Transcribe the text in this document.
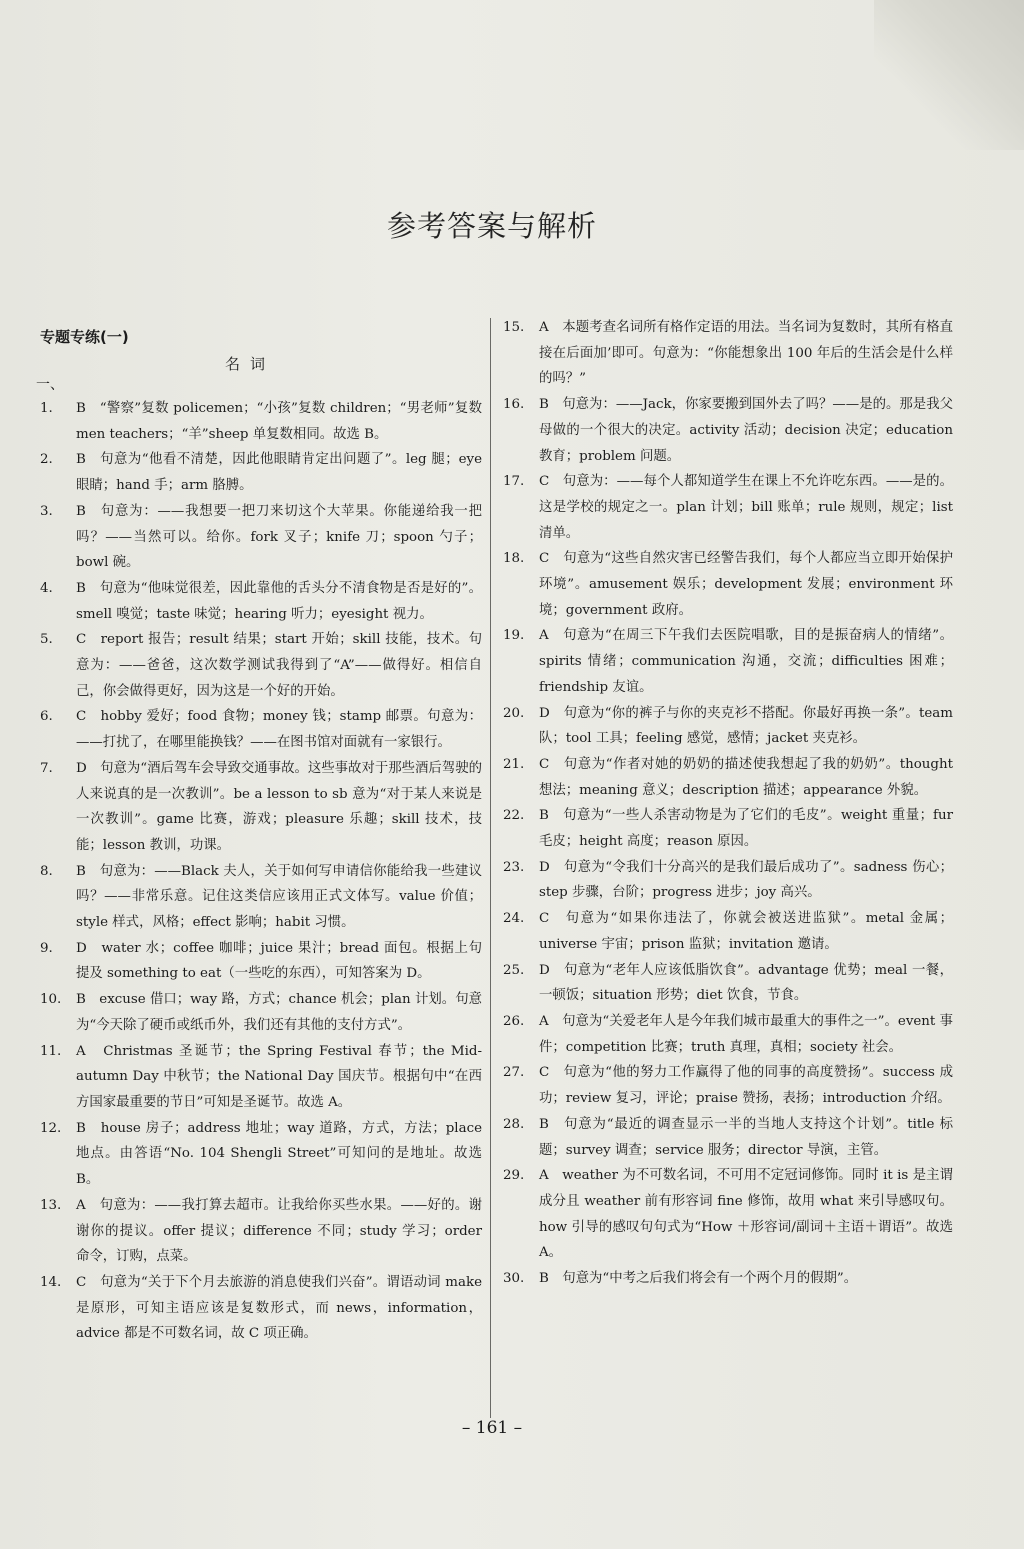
参考答案与解析
专题专练(一)
名词
一、
1. B　“警察”复数 policemen；“小孩”复数 children；“男老师”复数 men teachers；“羊”sheep 单复数相同。故选 B。
2. B　句意为“他看不清楚，因此他眼睛肯定出问题了”。leg 腿；eye 眼睛；hand 手；arm 胳膊。
3. B　句意为：——我想要一把刀来切这个大苹果。你能递给我一把吗？——当然可以。给你。fork 叉子；knife 刀；spoon 勺子；bowl 碗。
4. B　句意为“他味觉很差，因此靠他的舌头分不清食物是否是好的”。smell 嗅觉；taste 味觉；hearing 听力；eyesight 视力。
5. C　report 报告；result 结果；start 开始；skill 技能，技术。句意为：——爸爸，这次数学测试我得到了“A”——做得好。相信自己，你会做得更好，因为这是一个好的开始。
6. C　hobby 爱好；food 食物；money 钱；stamp 邮票。句意为：——打扰了，在哪里能换钱？——在图书馆对面就有一家银行。
7. D　句意为“酒后驾车会导致交通事故。这些事故对于那些酒后驾驶的人来说真的是一次教训”。be a lesson to sb 意为“对于某人来说是一次教训”。game 比赛，游戏；pleasure 乐趣；skill 技术，技能；lesson 教训，功课。
8. B　句意为：——Black 夫人，关于如何写申请信你能给我一些建议吗？——非常乐意。记住这类信应该用正式文体写。value 价值；style 样式，风格；effect 影响；habit 习惯。
9. D　water 水；coffee 咖啡；juice 果汁；bread 面包。根据上句提及 something to eat（一些吃的东西），可知答案为 D。
10. B　excuse 借口；way 路，方式；chance 机会；plan 计划。句意为“今天除了硬币或纸币外，我们还有其他的支付方式”。
11. A　Christmas 圣诞节；the Spring Festival 春节；the Mid-autumn Day 中秋节；the National Day 国庆节。根据句中“在西方国家最重要的节日”可知是圣诞节。故选 A。
12. B　house 房子；address 地址；way 道路，方式，方法；place 地点。由答语“No. 104 Shengli Street”可知问的是地址。故选 B。
13. A　句意为：——我打算去超市。让我给你买些水果。——好的。谢谢你的提议。offer 提议；difference 不同；study 学习；order 命令，订购，点菜。
14. C　句意为“关于下个月去旅游的消息使我们兴奋”。谓语动词 make 是原形，可知主语应该是复数形式，而 news，information，advice 都是不可数名词，故 C 项正确。
15. A　本题考查名词所有格作定语的用法。当名词为复数时，其所有格直接在后面加’即可。句意为：“你能想象出 100 年后的生活会是什么样的吗？”
16. B　句意为：——Jack，你家要搬到国外去了吗？——是的。那是我父母做的一个很大的决定。activity 活动；decision 决定；education 教育；problem 问题。
17. C　句意为：——每个人都知道学生在课上不允许吃东西。——是的。这是学校的规定之一。plan 计划；bill 账单；rule 规则，规定；list 清单。
18. C　句意为“这些自然灾害已经警告我们，每个人都应当立即开始保护环境”。amusement 娱乐；development 发展；environment 环境；government 政府。
19. A　句意为“在周三下午我们去医院唱歌，目的是振奋病人的情绪”。spirits 情绪；communication 沟通，交流；difficulties 困难；friendship 友谊。
20. D　句意为“你的裤子与你的夹克衫不搭配。你最好再换一条”。team 队；tool 工具；feeling 感觉，感情；jacket 夹克衫。
21. C　句意为“作者对她的奶奶的描述使我想起了我的奶奶”。thought 想法；meaning 意义；description 描述；appearance 外貌。
22. B　句意为“一些人杀害动物是为了它们的毛皮”。weight 重量；fur 毛皮；height 高度；reason 原因。
23. D　句意为“令我们十分高兴的是我们最后成功了”。sadness 伤心；step 步骤，台阶；progress 进步；joy 高兴。
24. C　句意为“如果你违法了，你就会被送进监狱”。metal 金属；universe 宇宙；prison 监狱；invitation 邀请。
25. D　句意为“老年人应该低脂饮食”。advantage 优势；meal 一餐，一顿饭；situation 形势；diet 饮食，节食。
26. A　句意为“关爱老年人是今年我们城市最重大的事件之一”。event 事件；competition 比赛；truth 真理，真相；society 社会。
27. C　句意为“他的努力工作赢得了他的同事的高度赞扬”。success 成功；review 复习，评论；praise 赞扬，表扬；introduction 介绍。
28. B　句意为“最近的调查显示一半的当地人支持这个计划”。title 标题；survey 调查；service 服务；director 导演，主管。
29. A　weather 为不可数名词，不可用不定冠词修饰。同时 it is 是主谓成分且 weather 前有形容词 fine 修饰，故用 what 来引导感叹句。how 引导的感叹句句式为“How ＋形容词/副词＋主语＋谓语”。故选 A。
30. B　句意为“中考之后我们将会有一个两个月的假期”。
– 161 –
